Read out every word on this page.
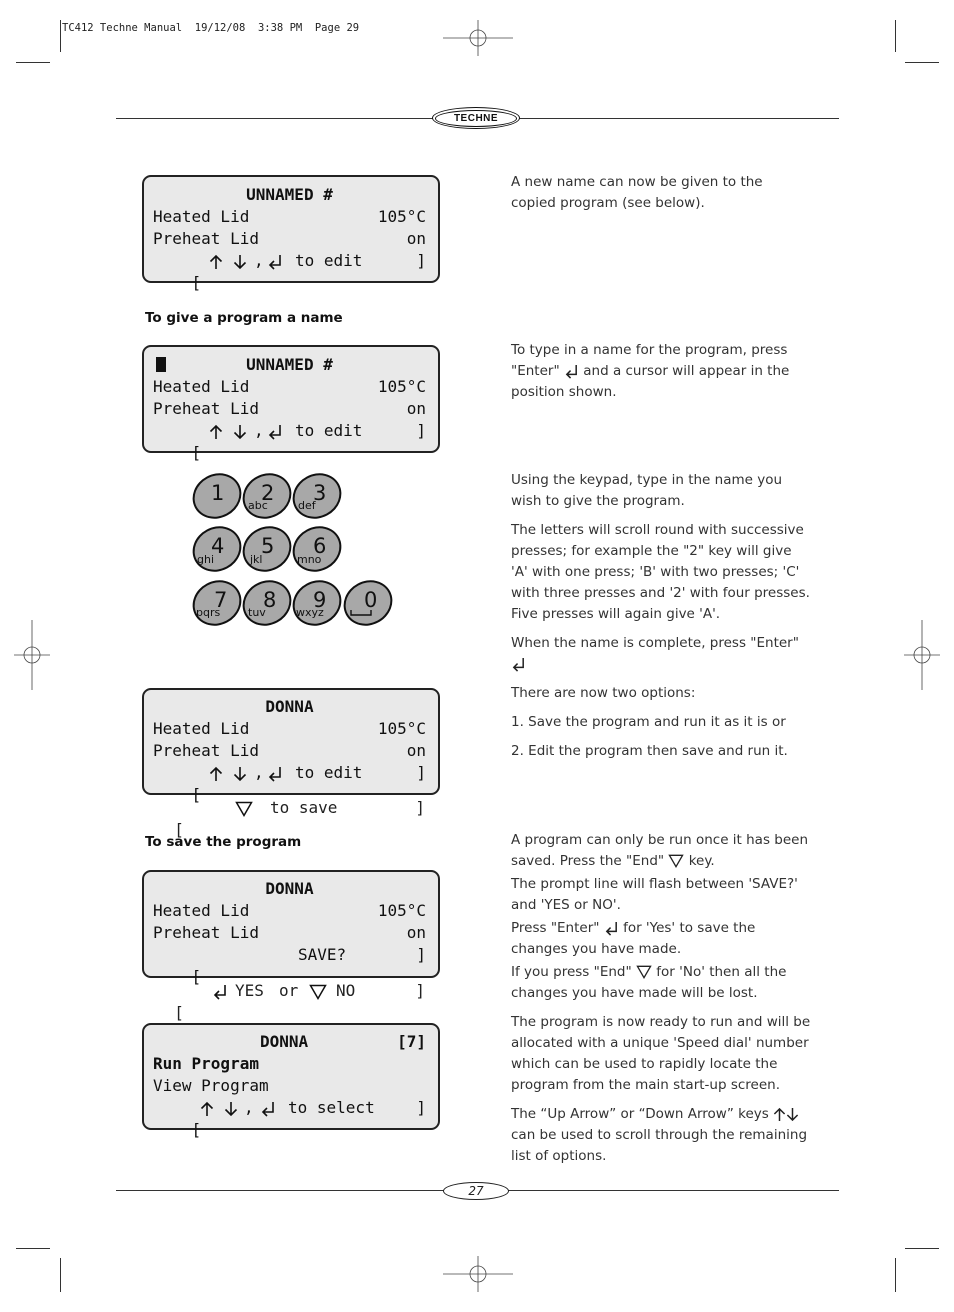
TC412 Techne Manual  19/12/08  3:38 PM  Page 29
TECHNE
UNNAMED #
Heated Lid	105°C
Preheat Lid	on

[

,

to edit

	]

To give a program a name
UNNAMED #
Heated Lid	105°C
Preheat Lid	on

[

,

to edit

	]

1 2
abc
3
def
4
ghi
5
jkl
6
mno
7
pqrs
8
tuv
9
wxyz
0
DONNA
Heated Lid	105°C
Preheat Lid	on

[

,

to edit

	]

[

to save

	]

To save the program
DONNA
Heated Lid	105°C
Preheat Lid	on

[

SAVE?

	]

[

YES

or

NO

	]

DONNA

	[7]

Run Program
View Program

[

,

to select

	]

A new name can now be given to the copied program (see below).

To type in a name for the program, press "Enter" and a cursor will appear in the position shown.

Using the keypad, type in the name you wish to give the program.

The letters will scroll round with successive presses; for example the "2" key will give 'A' with one press; 'B' with two presses; 'C' with three presses and '2' with four presses. Five presses will again give 'A'.

When the name is complete, press "Enter"

There are now two options:

1. Save the program and run it as it is or

2. Edit the program then save and run it.

A program can only be run once it has been saved. Press the "End" key.

The prompt line will flash between 'SAVE?' and 'YES or NO'.

Press "Enter" for 'Yes' to save the changes you have made.

If you press "End" for 'No' then all the changes you have made will be lost.

The program is now ready to run and will be allocated with a unique 'Speed dial' number which can be used to rapidly locate the program from the main start-up screen.

The “Up Arrow” or “Down Arrow” keys  can be used to scroll through the remaining list of options.

27
